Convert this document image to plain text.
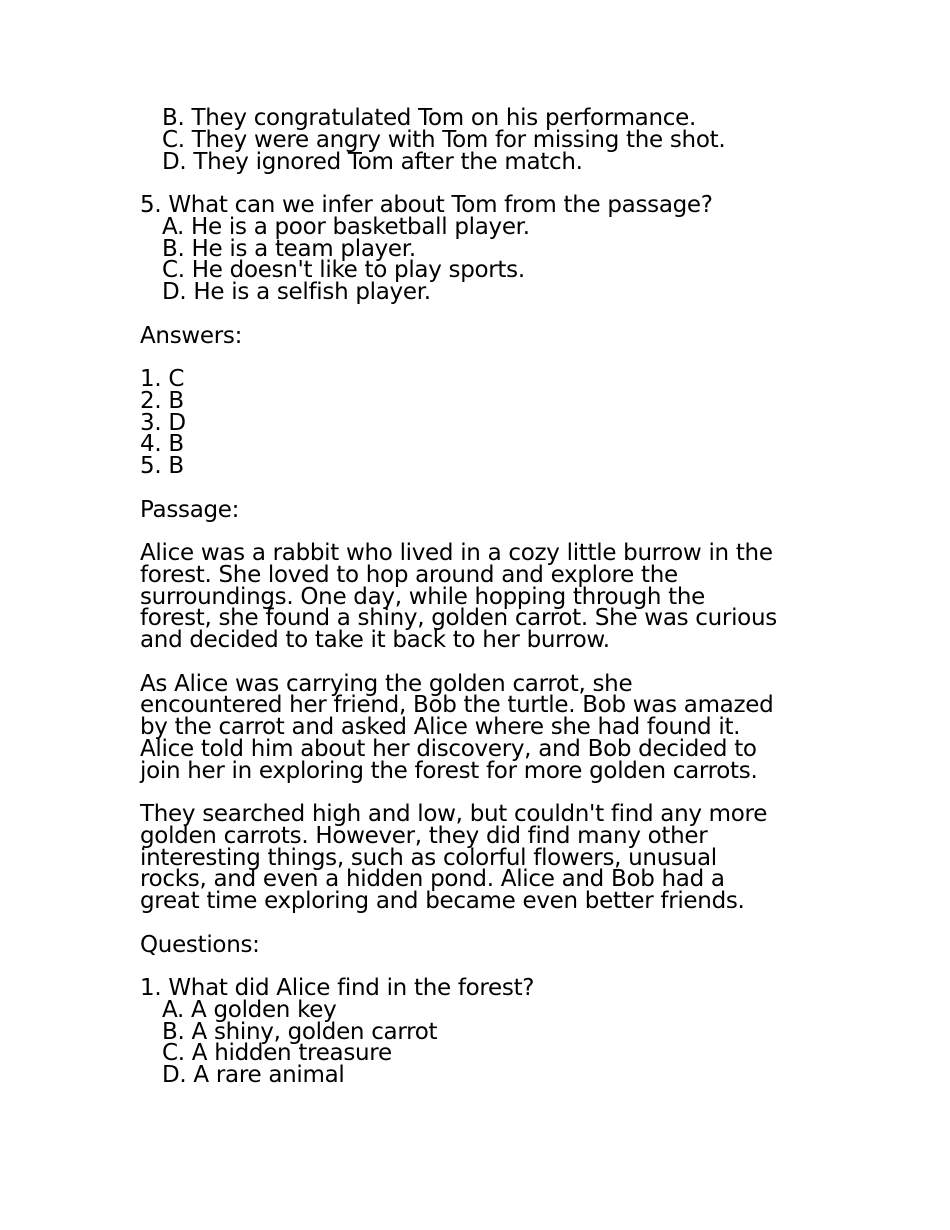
B. They congratulated Tom on his performance.
C. They were angry with Tom for missing the shot.
D. They ignored Tom after the match.
5. What can we infer about Tom from the passage?
A. He is a poor basketball player.
B. He is a team player.
C. He doesn't like to play sports.
D. He is a selfish player.
Answers:
1. C
2. B
3. D
4. B
5. B
Passage:
Alice was a rabbit who lived in a cozy little burrow in the
forest. She loved to hop around and explore the
surroundings. One day, while hopping through the
forest, she found a shiny, golden carrot. She was curious
and decided to take it back to her burrow.
As Alice was carrying the golden carrot, she
encountered her friend, Bob the turtle. Bob was amazed
by the carrot and asked Alice where she had found it.
Alice told him about her discovery, and Bob decided to
join her in exploring the forest for more golden carrots.
They searched high and low, but couldn't find any more
golden carrots. However, they did find many other
interesting things, such as colorful flowers, unusual
rocks, and even a hidden pond. Alice and Bob had a
great time exploring and became even better friends.
Questions:
1. What did Alice find in the forest?
A. A golden key
B. A shiny, golden carrot
C. A hidden treasure
D. A rare animal
